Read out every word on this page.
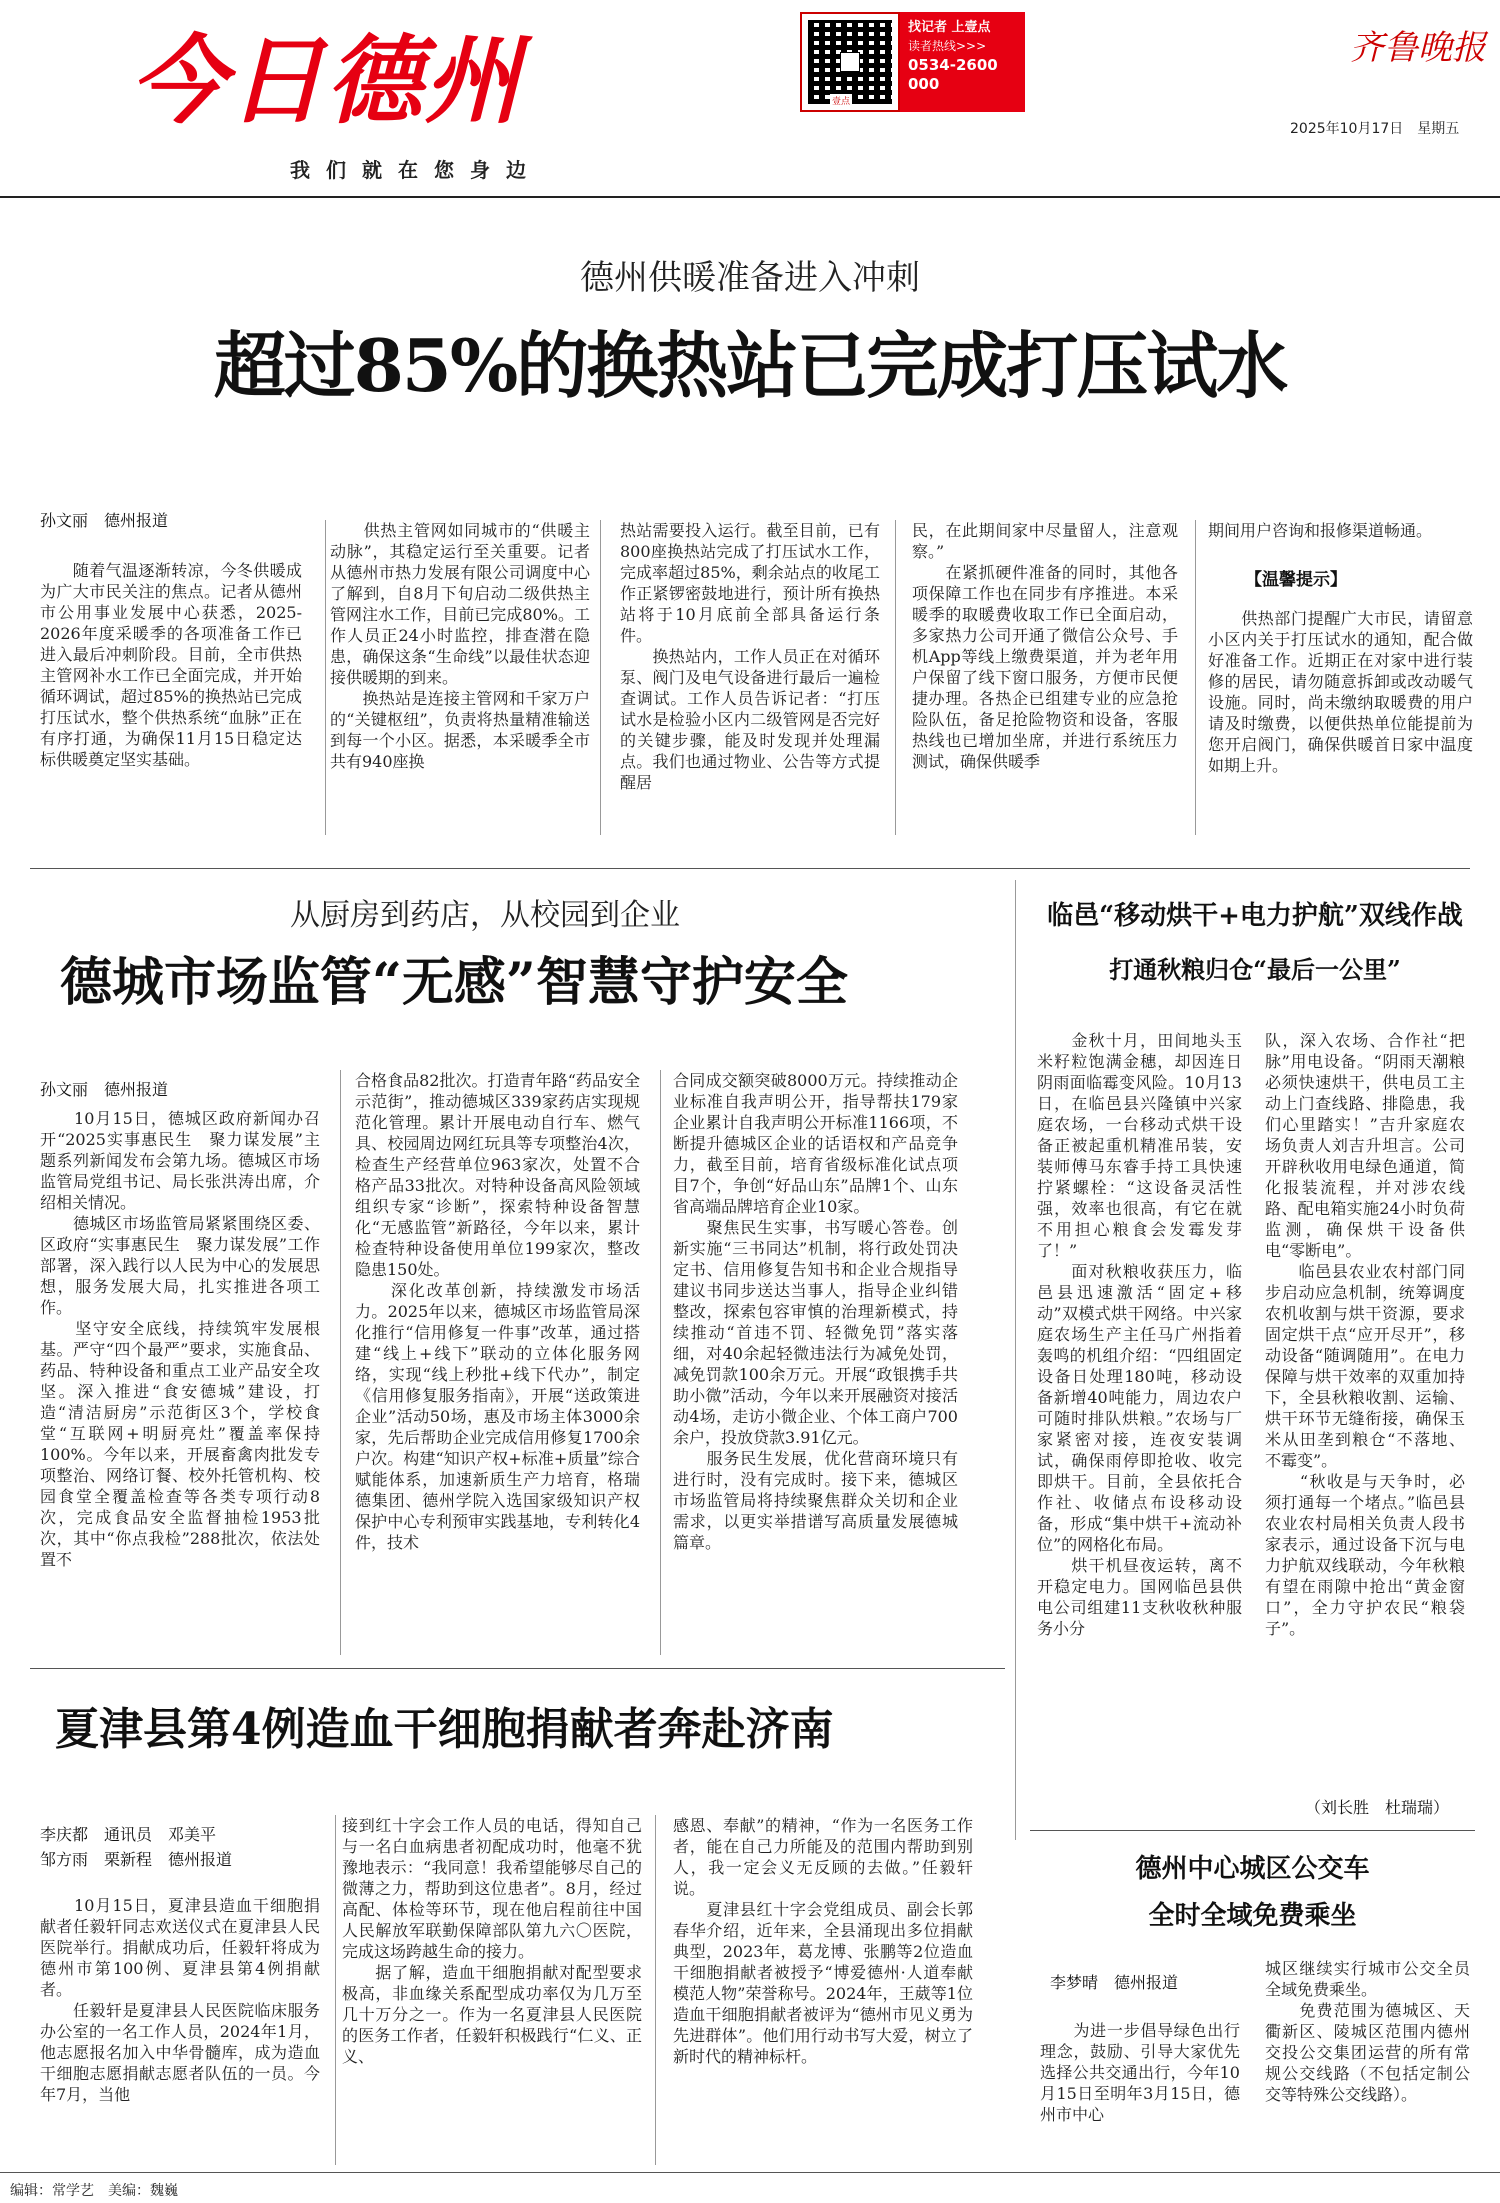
今日德州
我们就在您身边
壹点
找记者 上壹点
读者热线>>>
0534-2600000
齐鲁晚报
2025年10月17日　 星期五
德州供暖准备进入冲刺
超过85%的换热站已完成打压试水
孙文丽　德州报道
　　随着气温逐渐转凉，今冬供暖成为广大市民关注的焦点。记者从德州市公用事业发展中心获悉，2025-2026年度采暖季的各项准备工作已进入最后冲刺阶段。目前，全市供热主管网补水工作已全面完成，并开始循环调试，超过85%的换热站已完成打压试水，整个供热系统“血脉”正在有序打通，为确保11月15日稳定达标供暖奠定坚实基础。
　　供热主管网如同城市的“供暖主动脉”，其稳定运行至关重要。记者从德州市热力发展有限公司调度中心了解到，自8月下旬启动二级供热主管网注水工作，目前已完成80%。工作人员正24小时监控，排查潜在隐患，确保这条“生命线”以最佳状态迎接供暖期的到来。
　　换热站是连接主管网和千家万户的“关键枢纽”，负责将热量精准输送到每一个小区。据悉，本采暖季全市共有940座换
热站需要投入运行。截至目前，已有800座换热站完成了打压试水工作，完成率超过85%，剩余站点的收尾工作正紧锣密鼓地进行，预计所有换热站将于10月底前全部具备运行条件。
　　换热站内，工作人员正在对循环泵、阀门及电气设备进行最后一遍检查调试。工作人员告诉记者：“打压试水是检验小区内二级管网是否完好的关键步骤，能及时发现并处理漏点。我们也通过物业、公告等方式提醒居
民，在此期间家中尽量留人，注意观察。”
　　在紧抓硬件准备的同时，其他各项保障工作也在同步有序推进。本采暖季的取暖费收取工作已全面启动，多家热力公司开通了微信公众号、手机App等线上缴费渠道，并为老年用户保留了线下窗口服务，方便市民便捷办理。各热企已组建专业的应急抢险队伍，备足抢险物资和设备，客服热线也已增加坐席，并进行系统压力测试，确保供暖季
期间用户咨询和报修渠道畅通。
【温馨提示】
　　供热部门提醒广大市民，请留意小区内关于打压试水的通知，配合做好准备工作。近期正在对家中进行装修的居民，请勿随意拆卸或改动暖气设施。同时，尚未缴纳取暖费的用户请及时缴费，以便供热单位能提前为您开启阀门，确保供暖首日家中温度如期上升。
从厨房到药店，从校园到企业
德城市场监管“无感”智慧守护安全
孙文丽　德州报道
　　10月15日，德城区政府新闻办召开“2025实事惠民生　聚力谋发展”主题系列新闻发布会第九场。德城区市场监管局党组书记、局长张洪涛出席，介绍相关情况。
　　德城区市场监管局紧紧围绕区委、区政府“实事惠民生　聚力谋发展”工作部署，深入践行以人民为中心的发展思想，服务发展大局，扎实推进各项工作。
　　坚守安全底线，持续筑牢发展根基。严守“四个最严”要求，实施食品、药品、特种设备和重点工业产品安全攻坚。深入推进“食安德城”建设，打造“清洁厨房”示范街区3个，学校食堂“互联网+明厨亮灶”覆盖率保持100%。今年以来，开展畜禽肉批发专项整治、网络订餐、校外托管机构、校园食堂全覆盖检查等各类专项行动8次，完成食品安全监督抽检1953批次，其中“你点我检”288批次，依法处置不
合格食品82批次。打造青年路“药品安全示范街”，推动德城区339家药店实现规范化管理。累计开展电动自行车、燃气具、校园周边网红玩具等专项整治4次，检查生产经营单位963家次，处置不合格产品33批次。对特种设备高风险领域组织专家“诊断”，探索特种设备智慧化“无感监管”新路径，今年以来，累计检查特种设备使用单位199家次，整改隐患150处。
　　深化改革创新，持续激发市场活力。2025年以来，德城区市场监管局深化推行“信用修复一件事”改革，通过搭建“线上+线下”联动的立体化服务网络，实现“线上秒批+线下代办”，制定《信用修复服务指南》，开展“送政策进企业”活动50场，惠及市场主体3000余家，先后帮助企业完成信用修复1700余户次。构建“知识产权+标准+质量”综合赋能体系，加速新质生产力培育，格瑞德集团、德州学院入选国家级知识产权保护中心专利预审实践基地，专利转化4件，技术
合同成交额突破8000万元。持续推动企业标准自我声明公开，指导帮扶179家企业累计自我声明公开标准1166项，不断提升德城区企业的话语权和产品竞争力，截至目前，培育省级标准化试点项目7个，争创“好品山东”品牌1个、山东省高端品牌培育企业10家。
　　聚焦民生实事，书写暖心答卷。创新实施“三书同达”机制，将行政处罚决定书、信用修复告知书和企业合规指导建议书同步送达当事人，指导企业纠错整改，探索包容审慎的治理新模式，持续推动“首违不罚、轻微免罚”落实落细，对40余起轻微违法行为减免处罚，减免罚款100余万元。开展“政银携手共助小微”活动，今年以来开展融资对接活动4场，走访小微企业、个体工商户700余户，投放贷款3.91亿元。
　　服务民生发展，优化营商环境只有进行时，没有完成时。接下来，德城区市场监管局将持续聚焦群众关切和企业需求，以更实举措谱写高质量发展德城篇章。
临邑“移动烘干+电力护航”双线作战
打通秋粮归仓“最后一公里”
　　金秋十月，田间地头玉米籽粒饱满金穗，却因连日阴雨面临霉变风险。10月13日，在临邑县兴隆镇中兴家庭农场，一台移动式烘干设备正被起重机精准吊装，安装师傅马东睿手持工具快速拧紧螺栓：“这设备灵活性强，效率也很高，有它在就不用担心粮食会发霉发芽了！”
　　面对秋粮收获压力，临邑县迅速激活“固定+移动”双模式烘干网络。中兴家庭农场生产主任马广州指着轰鸣的机组介绍：“四组固定设备日处理180吨，移动设备新增40吨能力，周边农户可随时排队烘粮。”农场与厂家紧密对接，连夜安装调试，确保雨停即抢收、收完即烘干。目前，全县依托合作社、收储点布设移动设备，形成“集中烘干+流动补位”的网格化布局。
　　烘干机昼夜运转，离不开稳定电力。国网临邑县供电公司组建11支秋收秋种服务小分
队，深入农场、合作社“把脉”用电设备。“阴雨天潮粮必须快速烘干，供电员工主动上门查线路、排隐患，我们心里踏实！”吉升家庭农场负责人刘吉升坦言。公司开辟秋收用电绿色通道，简化报装流程，并对涉农线路、配电箱实施24小时负荷监测，确保烘干设备供电“零断电”。
　　临邑县农业农村部门同步启动应急机制，统筹调度农机收割与烘干资源，要求固定烘干点“应开尽开”，移动设备“随调随用”。在电力保障与烘干效率的双重加持下，全县秋粮收割、运输、烘干环节无缝衔接，确保玉米从田垄到粮仓“不落地、不霉变”。
　　“秋收是与天争时，必须打通每一个堵点。”临邑县农业农村局相关负责人段书家表示，通过设备下沉与电力护航双线联动，今年秋粮有望在雨隙中抢出“黄金窗口”，全力守护农民“粮袋子”。
（刘长胜　杜瑞瑞）
夏津县第4例造血干细胞捐献者奔赴济南
李庆都　通讯员　邓美平
邹方雨　栗新程　德州报道
　　10月15日，夏津县造血干细胞捐献者任毅轩同志欢送仪式在夏津县人民医院举行。捐献成功后，任毅轩将成为德州市第100例、夏津县第4例捐献者。
　　任毅轩是夏津县人民医院临床服务办公室的一名工作人员，2024年1月，他志愿报名加入中华骨髓库，成为造血干细胞志愿捐献志愿者队伍的一员。今年7月，当他
接到红十字会工作人员的电话，得知自己与一名白血病患者初配成功时，他毫不犹豫地表示：“我同意！我希望能够尽自己的微薄之力，帮助到这位患者”。8月，经过高配、体检等环节，现在他启程前往中国人民解放军联勤保障部队第九六〇医院，完成这场跨越生命的接力。
　　据了解，造血干细胞捐献对配型要求极高，非血缘关系配型成功率仅为几万至几十万分之一。作为一名夏津县人民医院的医务工作者，任毅轩积极践行“仁义、正义、
感恩、奉献”的精神，“作为一名医务工作者，能在自己力所能及的范围内帮助到别人，我一定会义无反顾的去做。”任毅轩说。
　　夏津县红十字会党组成员、副会长郭春华介绍，近年来，全县涌现出多位捐献典型，2023年，葛龙博、张鹏等2位造血干细胞捐献者被授予“博爱德州·人道奉献模范人物”荣誉称号。2024年，王葳等1位造血干细胞捐献者被评为“德州市见义勇为先进群体”。他们用行动书写大爱，树立了新时代的精神标杆。
德州中心城区公交车
全时全域免费乘坐
李梦晴　德州报道
　　为进一步倡导绿色出行理念，鼓励、引导大家优先选择公共交通出行，今年10月15日至明年3月15日，德州市中心
城区继续实行城市公交全员全域免费乘坐。
　　免费范围为德城区、天衢新区、陵城区范围内德州交投公交集团运营的所有常规公交线路（不包括定制公交等特殊公交线路）。
编辑：常学艺　美编：魏巍
